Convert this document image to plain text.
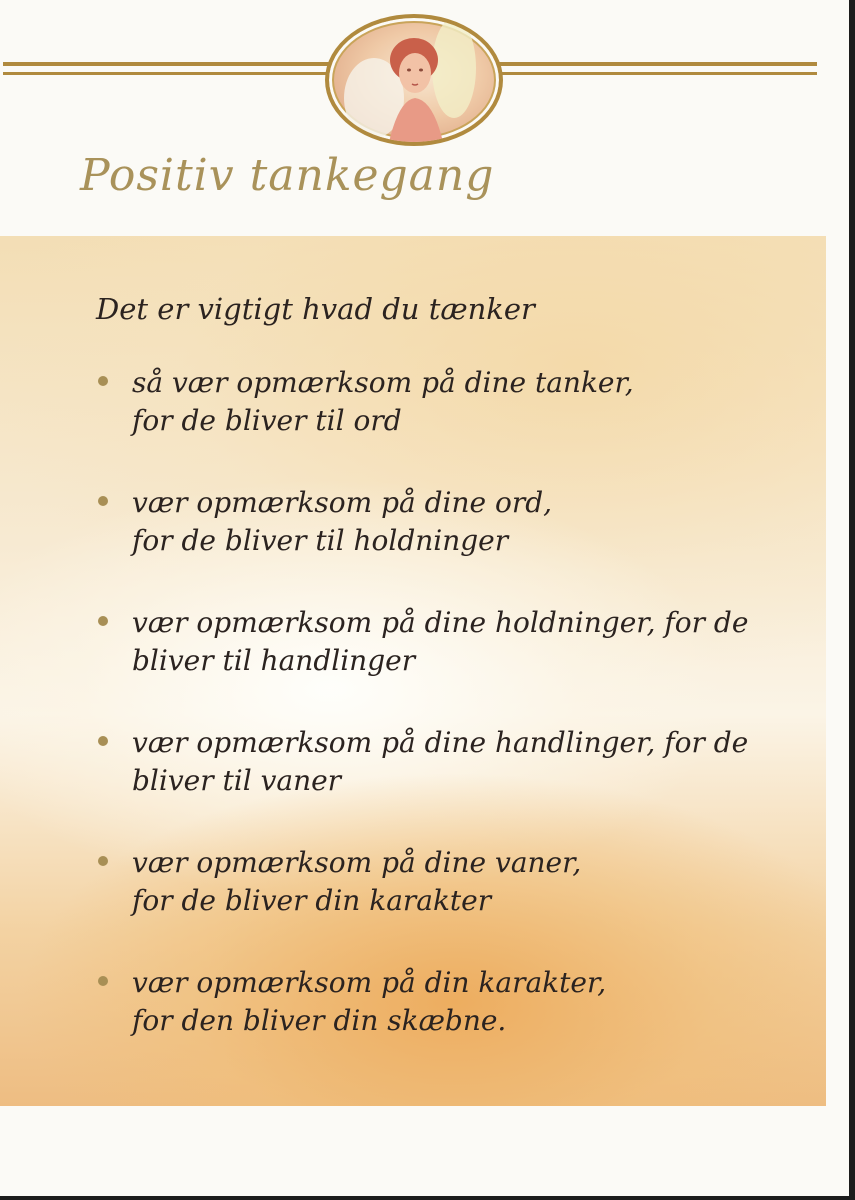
Positiv tankegang
Det er vigtigt hvad du tænker
så vær opmærksom på dine tanker,
for de bliver til ord
vær opmærksom på dine ord,
for de bliver til holdninger
vær opmærksom på dine holdninger, for de
bliver til handlinger
vær opmærksom på dine handlinger, for de
bliver til vaner
vær opmærksom på dine vaner,
for de bliver din karakter
vær opmærksom på din karakter,
for den bliver din skæbne.
